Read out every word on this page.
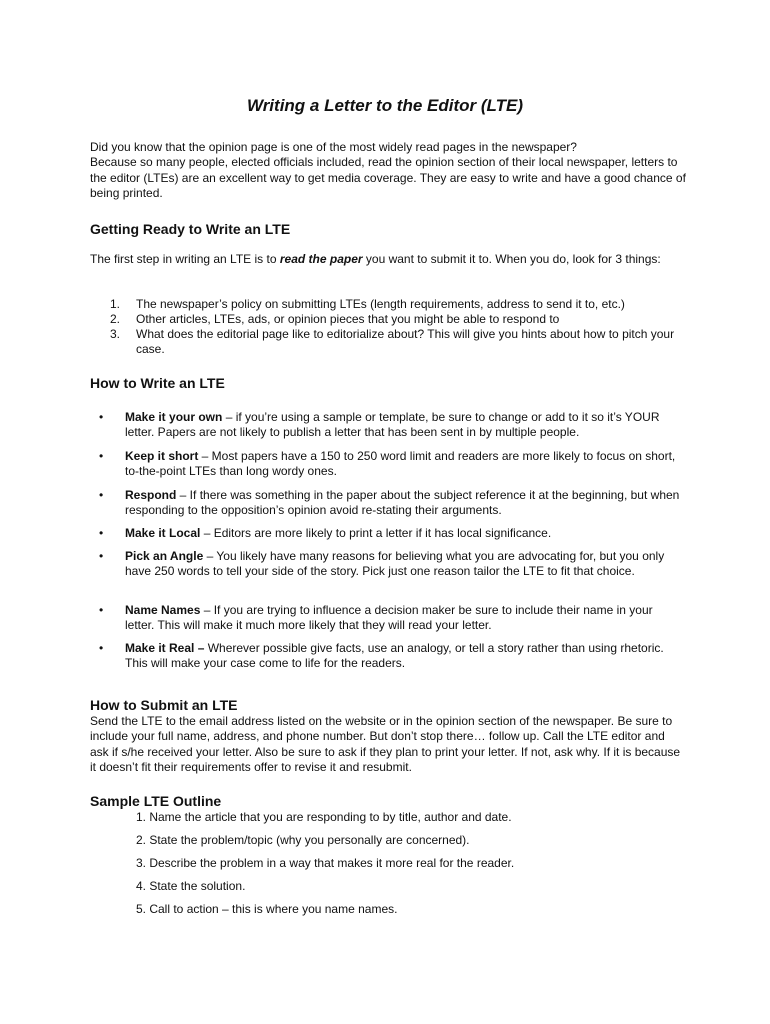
Writing a Letter to the Editor (LTE)
Did you know that the opinion page is one of the most widely read pages in the newspaper?
Because so many people, elected officials included, read the opinion section of their local newspaper, letters to the editor (LTEs) are an excellent way to get media coverage. They are easy to write and have a good chance of being printed.
Getting Ready to Write an LTE
The first step in writing an LTE is to read the paper you want to submit it to. When you do, look for 3 things:
1. The newspaper’s policy on submitting LTEs (length requirements, address to send it to, etc.)
2. Other articles, LTEs, ads, or opinion pieces that you might be able to respond to
3. What does the editorial page like to editorialize about? This will give you hints about how to pitch your case.
How to Write an LTE
• Make it your own – if you’re using a sample or template, be sure to change or add to it so it’s YOUR letter. Papers are not likely to publish a letter that has been sent in by multiple people.
• Keep it short – Most papers have a 150 to 250 word limit and readers are more likely to focus on short, to-the-point LTEs than long wordy ones.
• Respond – If there was something in the paper about the subject reference it at the beginning, but when responding to the opposition’s opinion avoid re-stating their arguments.
• Make it Local – Editors are more likely to print a letter if it has local significance.
• Pick an Angle – You likely have many reasons for believing what you are advocating for, but you only have 250 words to tell your side of the story. Pick just one reason tailor the LTE to fit that choice.
• Name Names – If you are trying to influence a decision maker be sure to include their name in your letter. This will make it much more likely that they will read your letter.
• Make it Real – Wherever possible give facts, use an analogy, or tell a story rather than using rhetoric. This will make your case come to life for the readers.
How to Submit an LTE
Send the LTE to the email address listed on the website or in the opinion section of the newspaper. Be sure to include your full name, address, and phone number. But don’t stop there… follow up. Call the LTE editor and ask if s/he received your letter. Also be sure to ask if they plan to print your letter. If not, ask why. If it is because it doesn’t fit their requirements offer to revise it and resubmit.
Sample LTE Outline
1. Name the article that you are responding to by title, author and date.
2. State the problem/topic (why you personally are concerned).
3. Describe the problem in a way that makes it more real for the reader.
4. State the solution.
5. Call to action – this is where you name names.
